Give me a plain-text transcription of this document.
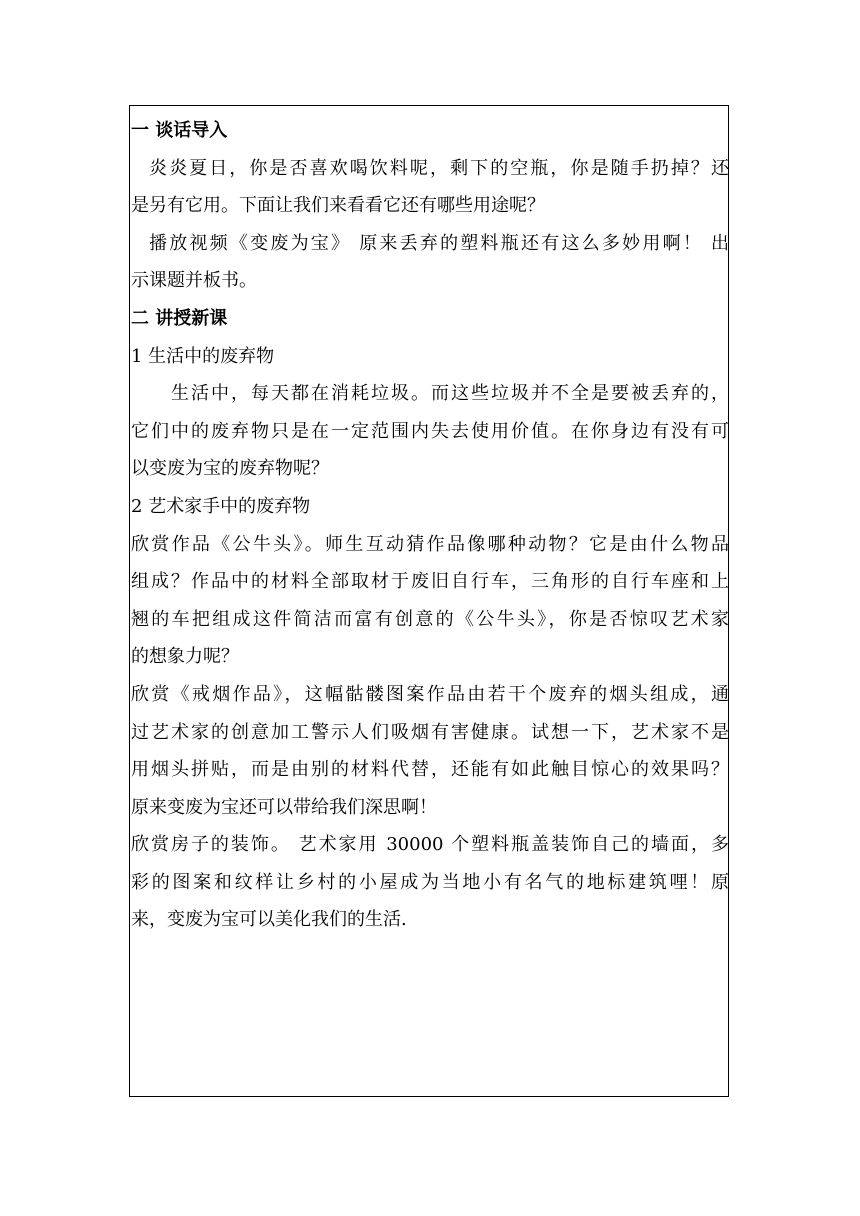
一 谈话导入
炎炎夏日，你是否喜欢喝饮料呢，剩下的空瓶，你是随手扔掉？还
是另有它用。下面让我们来看看它还有哪些用途呢？
播放视频《变废为宝》 原来丢弃的塑料瓶还有这么多妙用啊！ 出
示课题并板书。
二 讲授新课
1 生活中的废弃物
生活中，每天都在消耗垃圾。而这些垃圾并不全是要被丢弃的，
它们中的废弃物只是在一定范围内失去使用价值。在你身边有没有可
以变废为宝的废弃物呢？
2 艺术家手中的废弃物
欣赏作品《公牛头》。师生互动猜作品像哪种动物？它是由什么物品
组成？作品中的材料全部取材于废旧自行车，三角形的自行车座和上
翘的车把组成这件简洁而富有创意的《公牛头》，你是否惊叹艺术家
的想象力呢？
欣赏《戒烟作品》，这幅骷髅图案作品由若干个废弃的烟头组成，通
过艺术家的创意加工警示人们吸烟有害健康。试想一下，艺术家不是
用烟头拼贴，而是由别的材料代替，还能有如此触目惊心的效果吗？
原来变废为宝还可以带给我们深思啊！
欣赏房子的装饰。 艺术家用 30000 个塑料瓶盖装饰自己的墙面，多
彩的图案和纹样让乡村的小屋成为当地小有名气的地标建筑哩！原
来，变废为宝可以美化我们的生活.
